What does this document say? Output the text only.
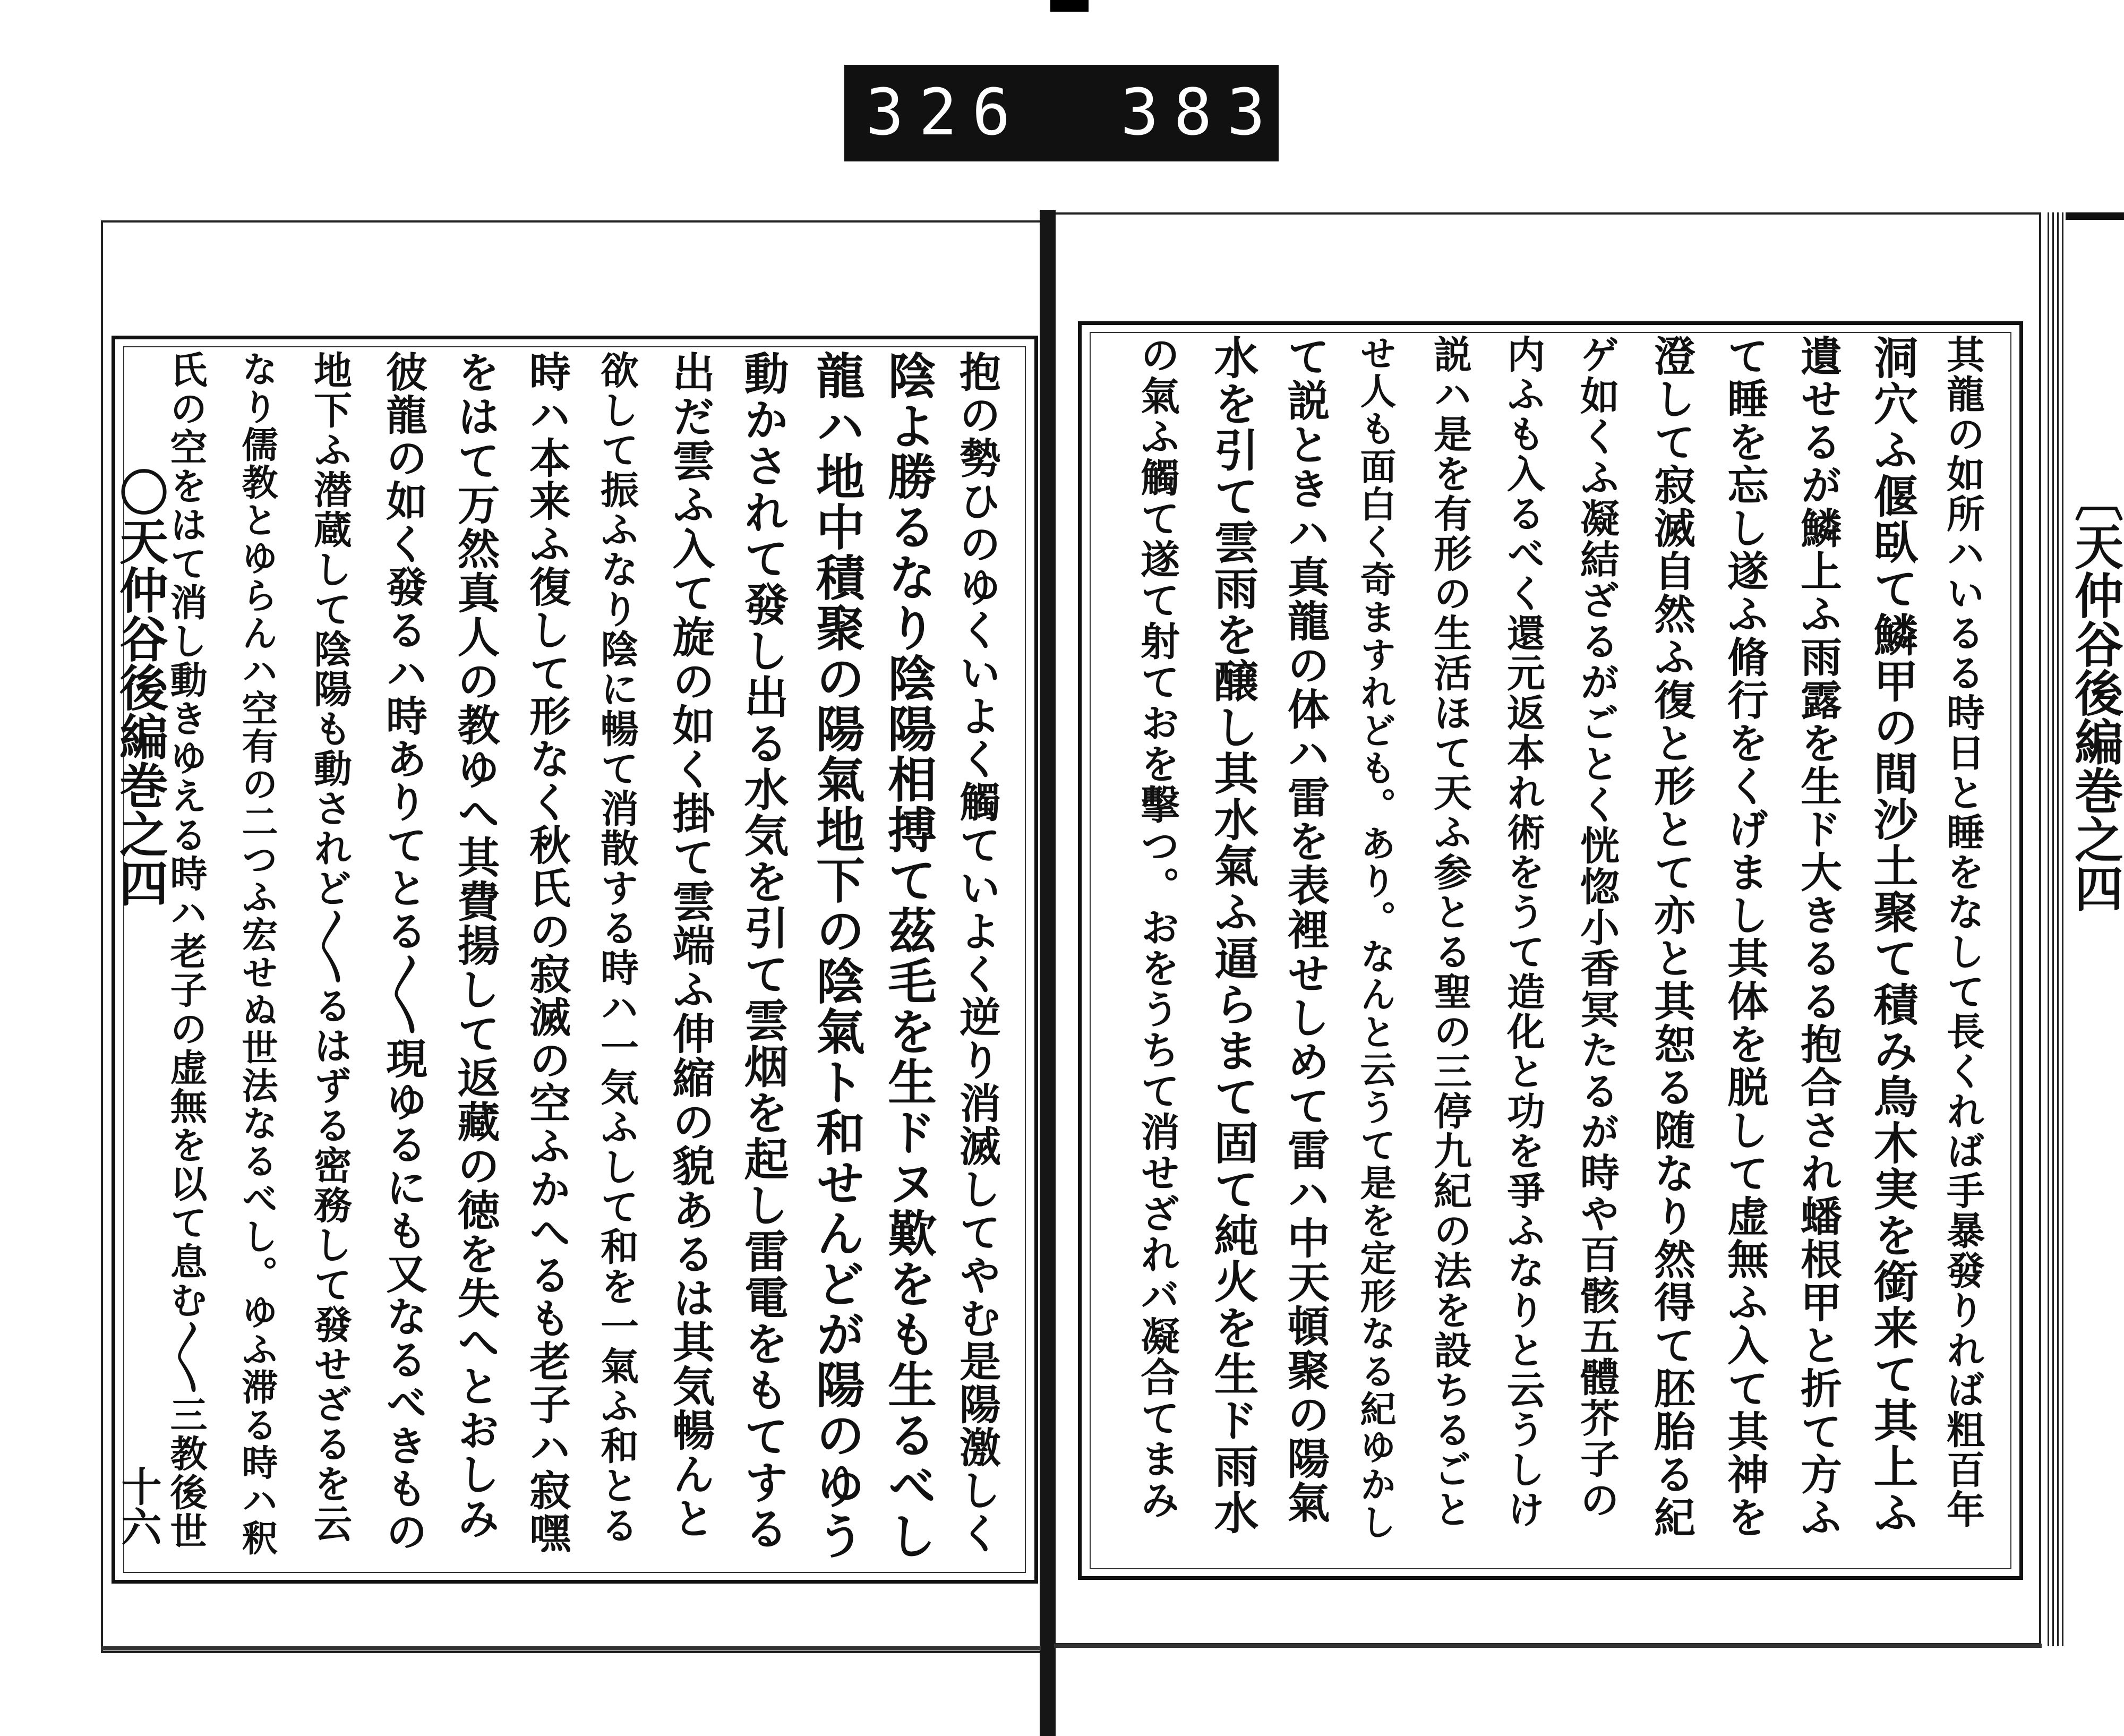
326 383.
〇天仲谷後編巻之四
十六
〔天仲谷後編巻之四
抱の勢ひのゆくいよく觸ていよく逆り消滅してやむ是陽激しく
陰よ勝るなり陰陽相搏て茲毛を生ドヌ歎をも生るべし
龍ハ地中積聚の陽氣地下の陰氣ト和せんどが陽のゆう
動かされて發し出る水気を引て雲烟を起し雷電をもてする
出だ雲ふ入て旋の如く掛て雲端ふ伸縮の貌あるは其気暢んと
欲して振ふなり陰に暢て消散する時ハ一気ふして和を一氣ふ和とる
時ハ本来ふ復して形なく秋氏の寂滅の空ふかへるも老子ハ寂嘿
をはて万然真人の教ゆへ其費揚して返藏の徳を失へとおしみ
彼龍の如く發るハ時ありてとる〳〵現ゆるにも又なるべきもの
地下ふ潜蔵して陰陽も動されど〳〵るはずる密務して發せざるを云
なり儒教とゆらんハ空有の二つふ宏せぬ世法なるべし。ゆふ滞る時ハ釈
氏の空をはて消し動きゆえる時ハ老子の虚無を以て息む〳〵三教後世	其龍の如所ハいるる時日と睡をなして長くれば手暴發りれば粗百年
洞穴ふ偃臥て鱗甲の間沙土聚て積み鳥木実を銜来て其上ふ
遺せるが鱗上ふ雨露を生ド大きるる抱合され蟠根甲と折て方ふ
て睡を忘し遂ふ脩行をくげまし其体を脱して虚無ふ入て其神を
澄して寂滅自然ふ復と形とて亦と其恕る随なり然得て胚胎る紀
ゲ如くふ凝結ざるがごとく恍惚小香冥たるが時や百骸五體芥子の
内ふも入るべく還元返本れ術をうて造化と功を爭ふなりと云うしけ
説ハ是を有形の生活ほて天ふ参とる聖の三停九紀の法を設ちるごと
せ人も面白く奇ますれども。あり。なんと云うて是を定形なる紀ゆかし
て説ときハ真龍の体ハ雷を表裡せしめて雷ハ中天頓聚の陽氣
水を引て雲雨を醸し其水氣ふ逼らまて固て純火を生ド雨水
の氣ふ觸て遂て射ておを擊つ。おをうちて消せざれバ凝合てまみ
